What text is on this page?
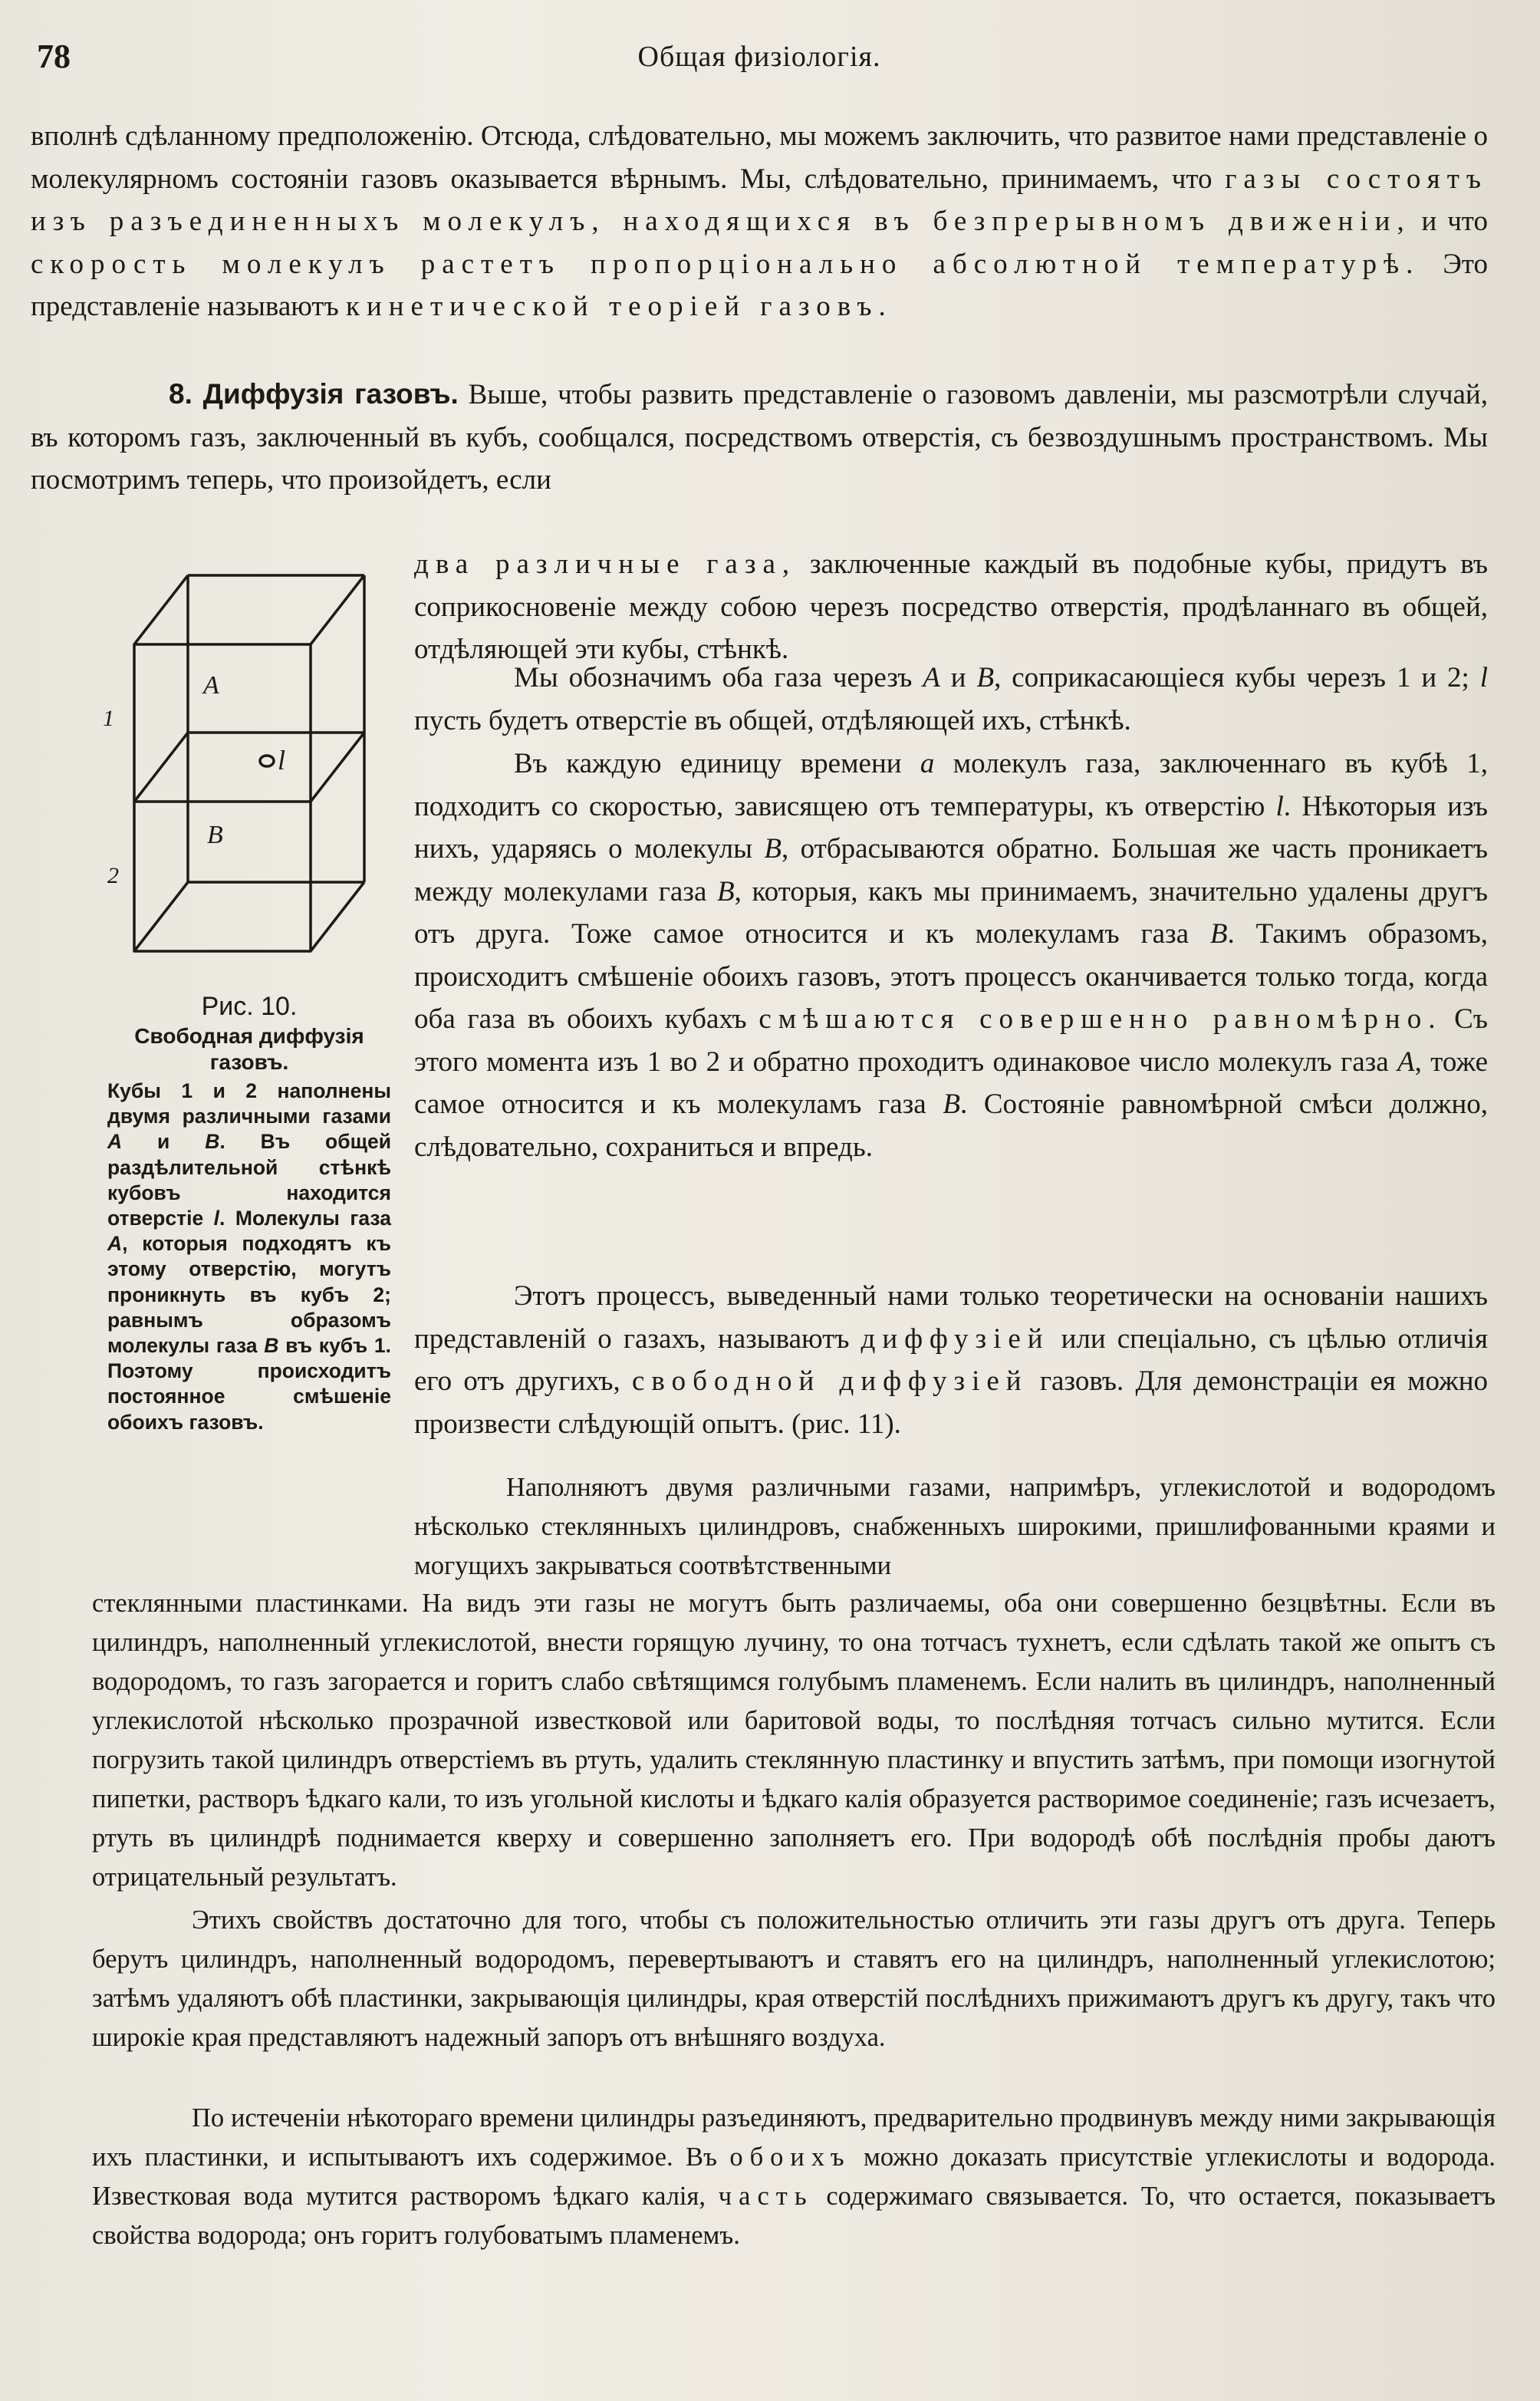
78	Общая физiологiя.

вполнѣ сдѣланному предположенiю. Отсюда, слѣдовательно, мы можемъ заключить, что развитое нами представленiе о молекулярномъ состоянiи газовъ оказывается вѣрнымъ. Мы, слѣдовательно, принимаемъ, что газы состоятъ изъ разъединенныхъ молекулъ, находящихся въ безпрерывномъ движенiи, и что скорость молекулъ растетъ пропорцiонально абсолютной температурѣ. Это представленiе называютъ кинетической теорiей газовъ.

8. Диффузiя газовъ. Выше, чтобы развить представленiе о газовомъ давленiи, мы разсмотрѣли случай, въ которомъ газъ, заключенный въ кубъ, сообщался, посредствомъ отверстiя, съ безвоздушнымъ пространствомъ. Мы посмотримъ теперь, что произойдетъ, если

два различные газа, заключенные каждый въ подобные кубы, придутъ въ соприкосновенiе между собою черезъ посредство отверстiя, продѣланнаго въ общей, отдѣляющей эти кубы, стѣнкѣ.

Мы обозначимъ оба газа черезъ A и B, соприкасающiеся кубы черезъ 1 и 2; l пусть будетъ отверстiе въ общей, отдѣляющей ихъ, стѣнкѣ.

Въ каждую единицу времени a молекулъ газа, заключеннаго въ кубѣ 1, подходитъ со скоростью, зависящею отъ температуры, къ отверстiю l. Нѣкоторыя изъ нихъ, ударяясь о молекулы B, отбрасываются обратно. Большая же часть проникаетъ между молекулами газа B, которыя, какъ мы принимаемъ, значительно удалены другъ отъ друга. Тоже самое относится и къ молекуламъ газа B. Такимъ образомъ, происходитъ смѣшенiе обоихъ газовъ, этотъ процессъ оканчивается только тогда, когда оба газа въ обоихъ кубахъ смѣшаются совершенно равномѣрно. Съ этого момента изъ 1 во 2 и обратно проходитъ одинаковое число молекулъ газа A, тоже самое относится и къ молекуламъ газа B. Состоянiе равномѣрной смѣси должно, слѣдовательно, сохраниться и впредь.

Этотъ процессъ, выведенный нами только теоретически на основанiи нашихъ представленiй о газахъ, называютъ диффузiей или спецiально, съ цѣлью отличiя его отъ другихъ, свободной диффузiей газовъ. Для демонстрацiи ея можно произвести слѣдующiй опытъ. (рис. 11).

Наполняютъ двумя различными газами, напримѣръ, углекислотой и водородомъ нѣсколько стеклянныхъ цилиндровъ, снабженныхъ широкими, пришлифованными краями и могущихъ закрываться соотвѣтственными

стеклянными пластинками. На видъ эти газы не могутъ быть различаемы, оба они совершенно безцвѣтны. Если въ цилиндръ, наполненный углекислотой, внести горящую лучину, то она тотчасъ тухнетъ, если сдѣлать такой же опытъ съ водородомъ, то газъ загорается и горитъ слабо свѣтящимся голубымъ пламенемъ. Если налить въ цилиндръ, наполненный углекислотой нѣсколько прозрачной известковой или баритовой воды, то послѣдняя тотчасъ сильно мутится. Если погрузить такой цилиндръ отверстiемъ въ ртуть, удалить стеклянную пластинку и впустить затѣмъ, при помощи изогнутой пипетки, растворъ ѣдкаго кали, то изъ угольной кислоты и ѣдкаго калiя образуется растворимое соединенiе; газъ исчезаетъ, ртуть въ цилиндрѣ поднимается кверху и совершенно заполняетъ его. При водородѣ обѣ послѣднiя пробы даютъ отрицательный результатъ.

Этихъ свойствъ достаточно для того, чтобы съ положительностью отличить эти газы другъ отъ друга. Теперь берутъ цилиндръ, наполненный водородомъ, перевертываютъ и ставятъ его на цилиндръ, наполненный углекислотою; затѣмъ удаляютъ обѣ пластинки, закрывающiя цилиндры, края отверстiй послѣднихъ прижимаютъ другъ къ другу, такъ что широкiе края представляютъ надежный запоръ отъ внѣшняго воздуха.

По истеченiи нѣкотораго времени цилиндры разъединяютъ, предварительно продвинувъ между ними закрывающiя ихъ пластинки, и испытываютъ ихъ содержимое. Въ обоихъ можно доказать присутствiе углекислоты и водорода. Известковая вода мутится растворомъ ѣдкаго калiя, часть содержимаго связывается. То, что остается, показываетъ свойства водорода; онъ горитъ голубоватымъ пламенемъ.

A
B
l
1
2
Рис. 10.
Свободная диффузiя газовъ.
Кубы 1 и 2 наполнены двумя различными газами A и B. Въ общей раздѣлительной стѣнкѣ кубовъ находится отверстiе l. Молекулы газа A, которыя подходятъ къ этому отверстiю, могутъ проникнуть въ кубъ 2; равнымъ образомъ молекулы газа B въ кубъ 1. Поэтому происходитъ постоянное смѣшенiе обоихъ газовъ.
